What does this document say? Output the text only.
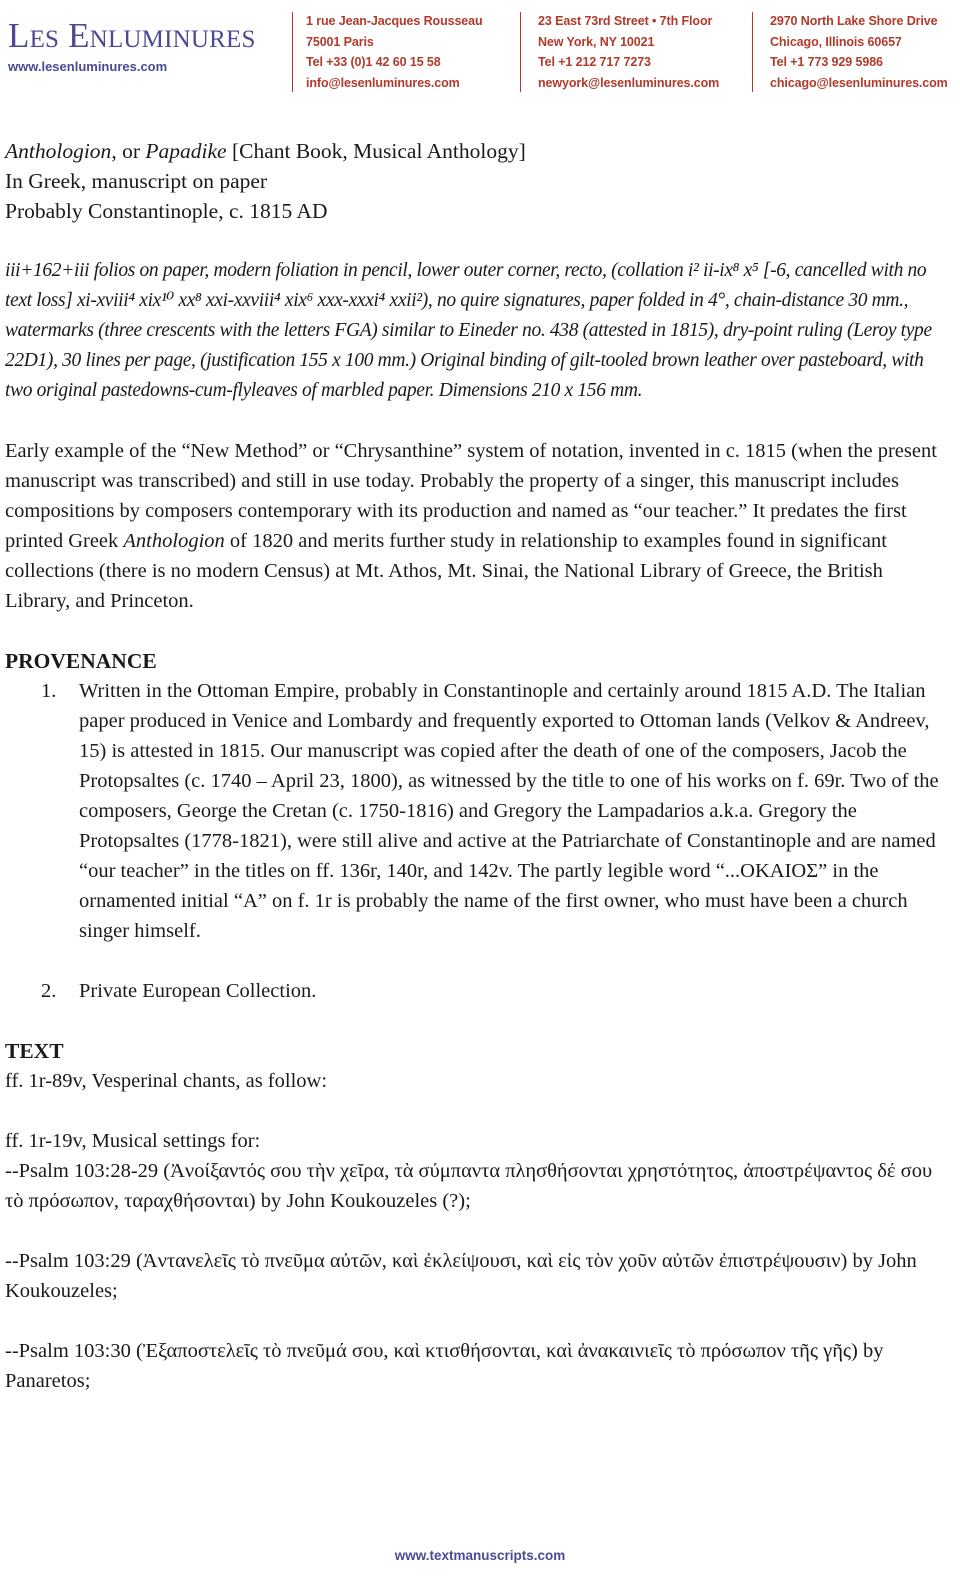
Les Enluminures
www.lesenluminures.com
1 rue Jean-Jacques Rousseau
75001 Paris
Tel +33 (0)1 42 60 15 58
info@lesenluminures.com
23 East 73rd Street • 7th Floor
New York, NY 10021
Tel +1 212 717 7273
newyork@lesenluminures.com
2970 North Lake Shore Drive
Chicago, Illinois 60657
Tel +1 773 929 5986
chicago@lesenluminures.com
Anthologion, or Papadike [Chant Book, Musical Anthology]
In Greek, manuscript on paper
Probably Constantinople, c. 1815 AD

iii+162+iii folios on paper, modern foliation in pencil, lower outer corner, recto, (collation i² ii-ix⁸ x⁵ [-6, cancelled with no text loss] xi-xviii⁴ xix¹⁰ xx⁸ xxi-xxviii⁴ xix⁶ xxx-xxxi⁴ xxii²), no quire signatures, paper folded in 4°, chain-distance 30 mm., watermarks (three crescents with the letters FGA) similar to Eineder no. 438 (attested in 1815), dry-point ruling (Leroy type 22D1), 30 lines per page, (justification 155 x 100 mm.) Original binding of gilt-tooled brown leather over pasteboard, with two original pastedowns-cum-flyleaves of marbled paper. Dimensions 210 x 156 mm.

Early example of the “New Method” or “Chrysanthine” system of notation, invented in c. 1815 (when the present manuscript was transcribed) and still in use today. Probably the property of a singer, this manuscript includes compositions by composers contemporary with its production and named as “our teacher.” It predates the first printed Greek Anthologion of 1820 and merits further study in relationship to examples found in significant collections (there is no modern Census) at Mt. Athos, Mt. Sinai, the National Library of Greece, the British Library, and Princeton.

PROVENANCE
1. Written in the Ottoman Empire, probably in Constantinople and certainly around 1815 A.D. The Italian paper produced in Venice and Lombardy and frequently exported to Ottoman lands (Velkov & Andreev, 15) is attested in 1815. Our manuscript was copied after the death of one of the composers, Jacob the Protopsaltes (c. 1740 – April 23, 1800), as witnessed by the title to one of his works on f. 69r. Two of the composers, George the Cretan (c. 1750-1816) and Gregory the Lampadarios a.k.a. Gregory the Protopsaltes (1778-1821), were still alive and active at the Patriarchate of Constantinople and are named “our teacher” in the titles on ff. 136r, 140r, and 142v. The partly legible word “...ΟΚΑΙΟΣ” in the ornamented initial “A” on f. 1r is probably the name of the first owner, who must have been a church singer himself.
2. Private European Collection.
TEXT
ff. 1r-89v, Vesperinal chants, as follow:
ff. 1r-19v, Musical settings for:
--Psalm 103:28-29 (Ἀνοίξαντός σου τὴν χεῖρα, τὰ σύμπαντα πλησθήσονται χρηστότητος, ἀποστρέψαντος δέ σου τὸ πρόσωπον, ταραχθήσονται) by John Koukouzeles (?);
--Psalm 103:29 (Ἀντανελεῖς τὸ πνεῦμα αὐτῶν, καὶ ἐκλείψουσι, καὶ εἰς τὸν χοῦν αὐτῶν ἐπιστρέψουσιν) by John Koukouzeles;
--Psalm 103:30 (Ἐξαποστελεῖς τὸ πνεῦμά σου, καὶ κτισθήσονται, καὶ ἀνακαινιεῖς τὸ πρόσωπον τῆς γῆς) by Panaretos;
www.textmanuscripts.com
